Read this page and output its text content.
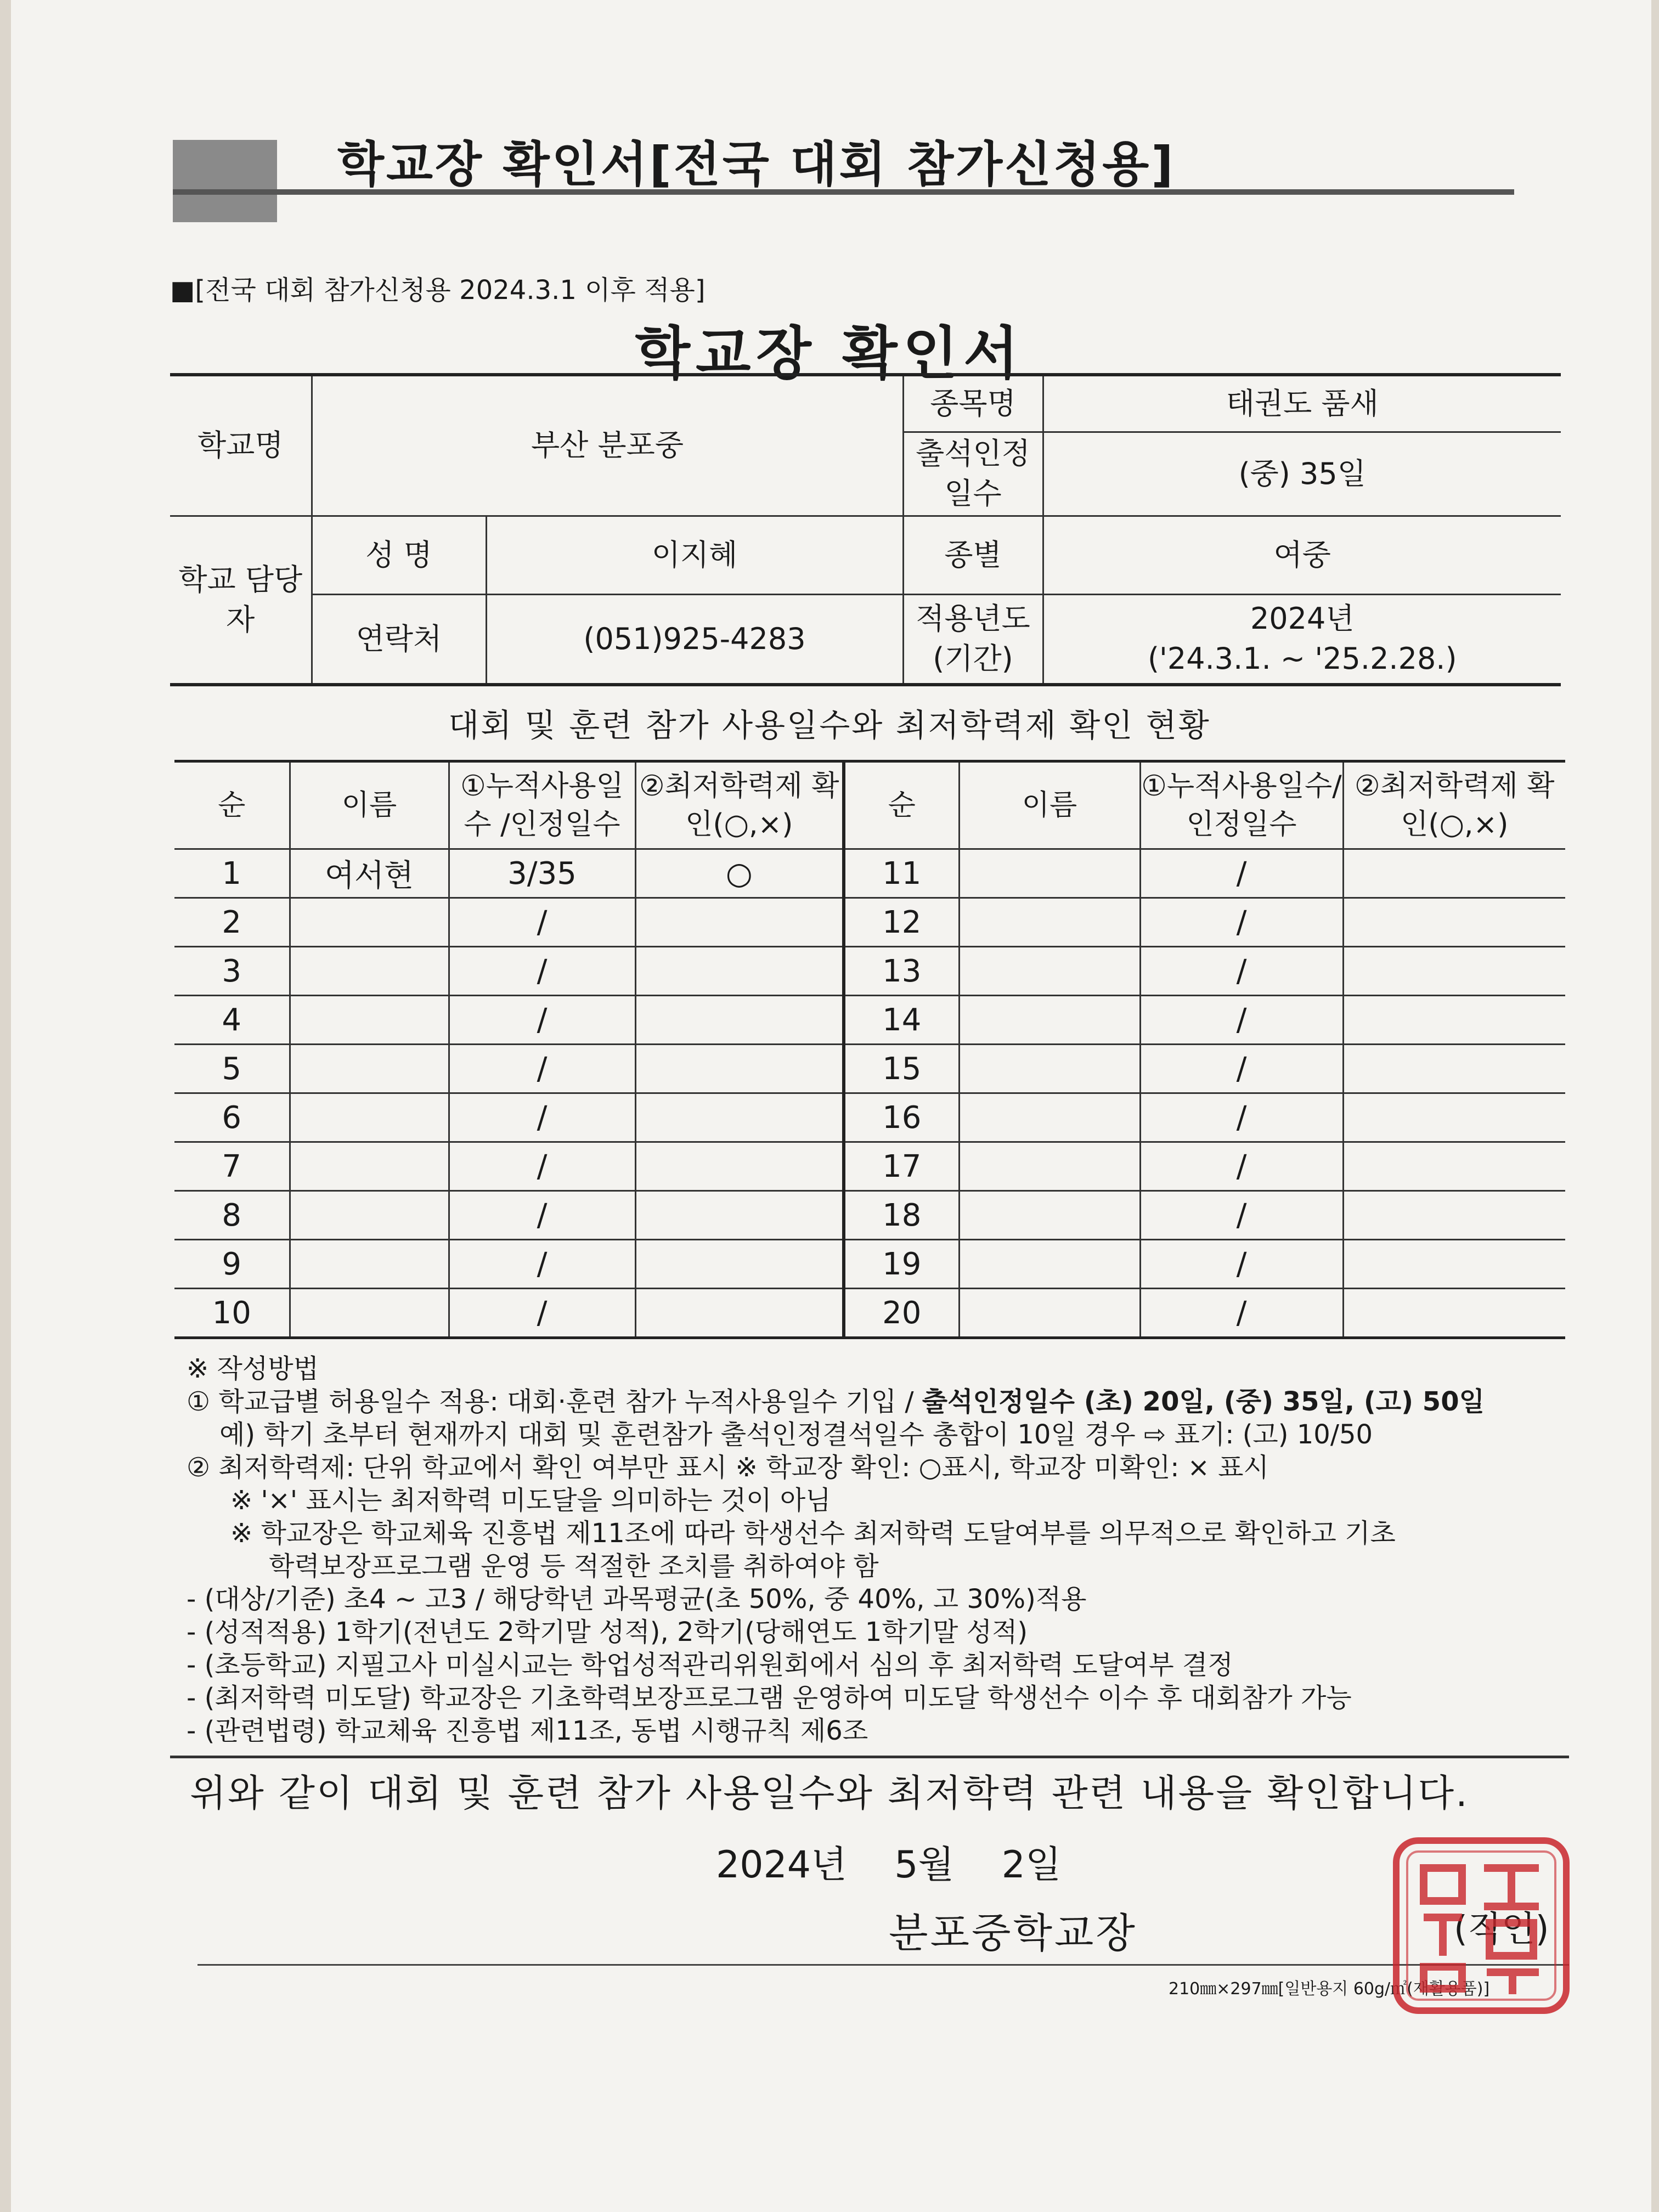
학교장 확인서[전국 대회 참가신청용]
■[전국 대회 참가신청용 2024.3.1 이후 적용]
학교장 확인서
학교명	부산 분포중		종목명	태권도 품새
			출석인정 일수	(중) 35일
학교 담당자	성 명	이지혜	종별	여중
	연락처	(051)925-4283	적용년도 (기간)	2024년
('24.3.1. ~ '25.2.28.)
대회 및 훈련 참가 사용일수와 최저학력제 확인 현황
순	이름	①누적사용일수 /인정일수	②최저학력제 확인(○,×)	순	이름	①누적사용일수/ 인정일수	②최저학력제 확인(○,×)
1	여서현	3/35	○	11		/	
2		/		12		/	
3		/		13		/	
4		/		14		/	
5		/		15		/	
6		/		16		/	
7		/		17		/	
8		/		18		/	
9		/		19		/	
10		/		20		/	
※ 작성방법
① 학교급별 허용일수 적용: 대회·훈련 참가 누적사용일수 기입 / 출석인정일수 (초) 20일, (중) 35일, (고) 50일
예) 학기 초부터 현재까지 대회 및 훈련참가 출석인정결석일수 총합이 10일 경우 ⇨ 표기: (고) 10/50
② 최저학력제: 단위 학교에서 확인 여부만 표시 ※ 학교장 확인: ○표시, 학교장 미확인: × 표시
※ '×' 표시는 최저학력 미도달을 의미하는 것이 아님
※ 학교장은 학교체육 진흥법 제11조에 따라 학생선수 최저학력 도달여부를 의무적으로 확인하고 기초
학력보장프로그램 운영 등 적절한 조치를 취하여야 함
- (대상/기준) 초4 ~ 고3 / 해당학년 과목평균(초 50%, 중 40%, 고 30%)적용
- (성적적용) 1학기(전년도 2학기말 성적), 2학기(당해연도 1학기말 성적)
- (초등학교) 지필고사 미실시교는 학업성적관리위원회에서 심의 후 최저학력 도달여부 결정
- (최저학력 미도달) 학교장은 기초학력보장프로그램 운영하여 미도달 학생선수 이수 후 대회참가 가능
- (관련법령) 학교체육 진흥법 제11조, 동법 시행규칙 제6조
위와 같이 대회 및 훈련 참가 사용일수와 최저학력 관련 내용을 확인합니다.
2024년 5월 2일
분포중학교장	(직인)
210㎜×297㎜[일반용지 60g/㎡(재활용품)]
